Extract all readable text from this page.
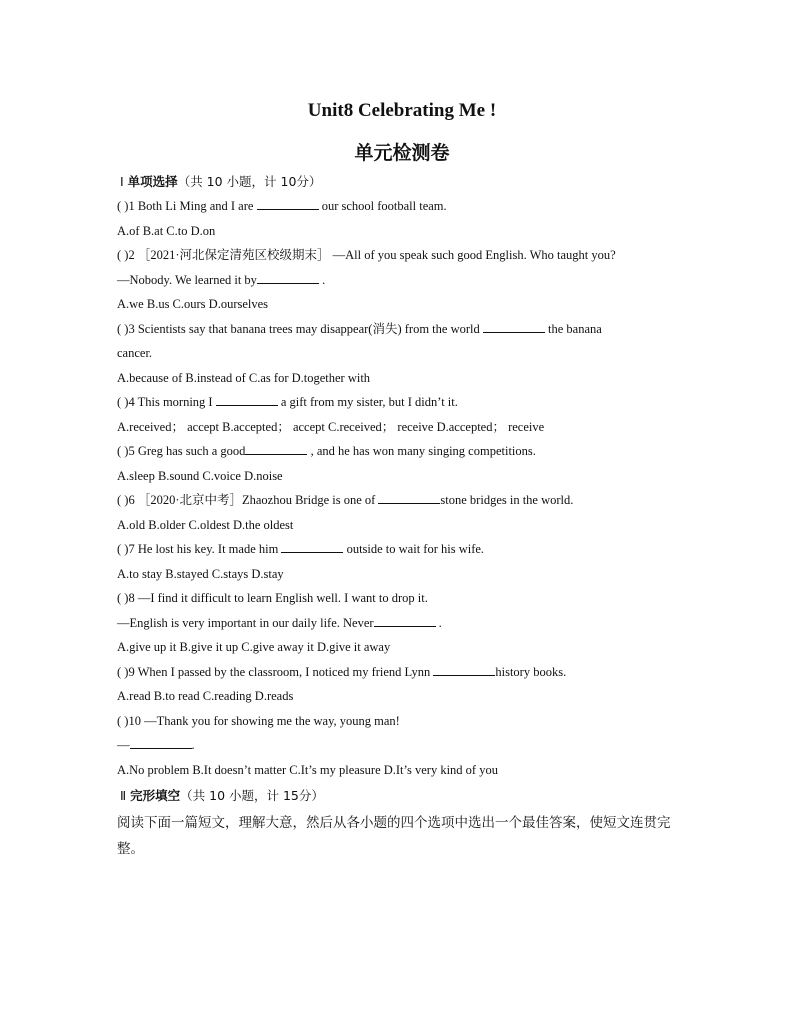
Unit8 Celebrating Me !
单元检测卷
Ⅰ 单项选择（共 10 小题，计 10分）
( )1 Both Li Ming and I are	our school football team.
A.of B.at C.to D.on
( )2 ［2021·河北保定清苑区校级期末］ —All of you speak such good English. Who taught you?
—Nobody. We learned it by	.
A.we B.us C.ours D.ourselves
( )3 Scientists say that banana trees may disappear(消失) from the world	the banana
cancer.
A.because of B.instead of C.as for D.together with
( )4 This morning I	a gift from my sister, but I didn’t it.
A.received； accept B.accepted； accept C.received； receive D.accepted； receive
( )5 Greg has such a good	, and he has won many singing competitions.
A.sleep B.sound C.voice D.noise
( )6 ［2020·北京中考］Zhaozhou Bridge is one of	stone bridges in the world.
A.old B.older C.oldest D.the oldest
( )7 He lost his key. It made him	outside to wait for his wife.
A.to stay B.stayed C.stays D.stay
( )8 —I find it difficult to learn English well. I want to drop it.
—English is very important in our daily life. Never	.
A.give up it B.give it up C.give away it D.give it away
( )9 When I passed by the classroom, I noticed my friend Lynn	history books.
A.read B.to read C.reading D.reads
( )10 —Thank you for showing me the way, young man!
—	.
A.No problem B.It doesn’t matter C.It’s my pleasure D.It’s very kind of you
Ⅱ 完形填空（共 10 小题，计 15分）
阅读下面一篇短文，理解大意，然后从各小题的四个选项中选出一个最佳答案，使短文连贯完整。
